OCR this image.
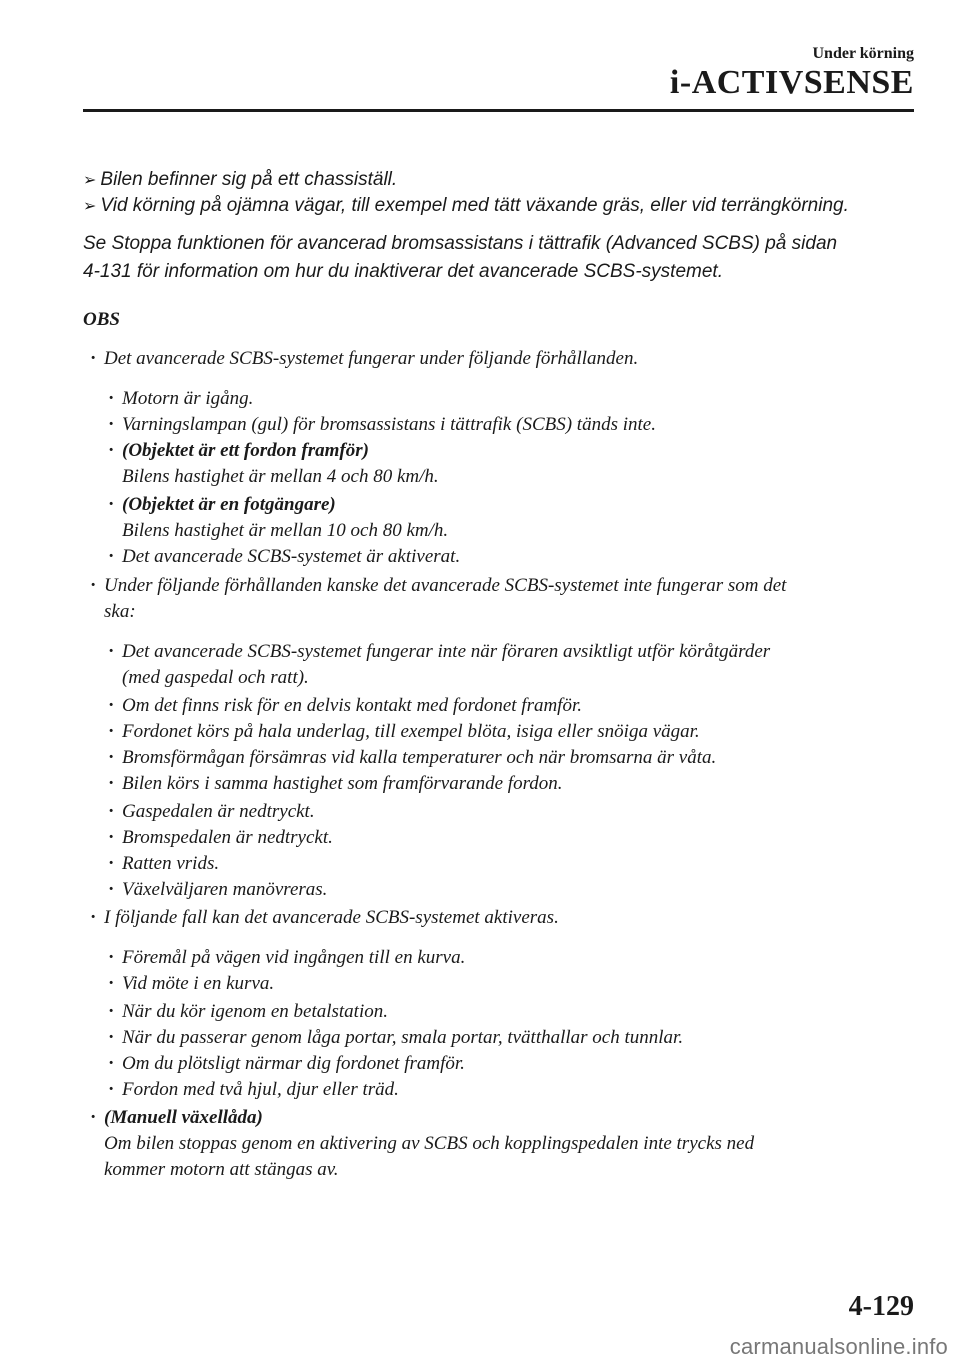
Under körning
i-ACTIVSENSE
➢ Bilen befinner sig på ett chassiställ.
➢ Vid körning på ojämna vägar, till exempel med tätt växande gräs, eller vid terrängkörning.
Se Stoppa funktionen för avancerad bromsassistans i tättrafik (Advanced SCBS) på sidan
4-131 för information om hur du inaktiverar det avancerade SCBS-systemet.
OBS
· Det avancerade SCBS-systemet fungerar under följande förhållanden.
· Motorn är igång.
· Varningslampan (gul) för bromsassistans i tättrafik (SCBS) tänds inte.
· (Objektet är ett fordon framför)
Bilens hastighet är mellan 4 och 80 km/h.
· (Objektet är en fotgängare)
Bilens hastighet är mellan 10 och 80 km/h.
· Det avancerade SCBS-systemet är aktiverat.
· Under följande förhållanden kanske det avancerade SCBS-systemet inte fungerar som det
ska:
· Det avancerade SCBS-systemet fungerar inte när föraren avsiktligt utför köråtgärder
(med gaspedal och ratt).
· Om det finns risk för en delvis kontakt med fordonet framför.
· Fordonet körs på hala underlag, till exempel blöta, isiga eller snöiga vägar.
· Bromsförmågan försämras vid kalla temperaturer och när bromsarna är våta.
· Bilen körs i samma hastighet som framförvarande fordon.
· Gaspedalen är nedtryckt.
· Bromspedalen är nedtryckt.
· Ratten vrids.
· Växelväljaren manövreras.
· I följande fall kan det avancerade SCBS-systemet aktiveras.
· Föremål på vägen vid ingången till en kurva.
· Vid möte i en kurva.
· När du kör igenom en betalstation.
· När du passerar genom låga portar, smala portar, tvätthallar och tunnlar.
· Om du plötsligt närmar dig fordonet framför.
· Fordon med två hjul, djur eller träd.
· (Manuell växellåda)
Om bilen stoppas genom en aktivering av SCBS och kopplingspedalen inte trycks ned
kommer motorn att stängas av.
4-129
carmanualsonline.info
